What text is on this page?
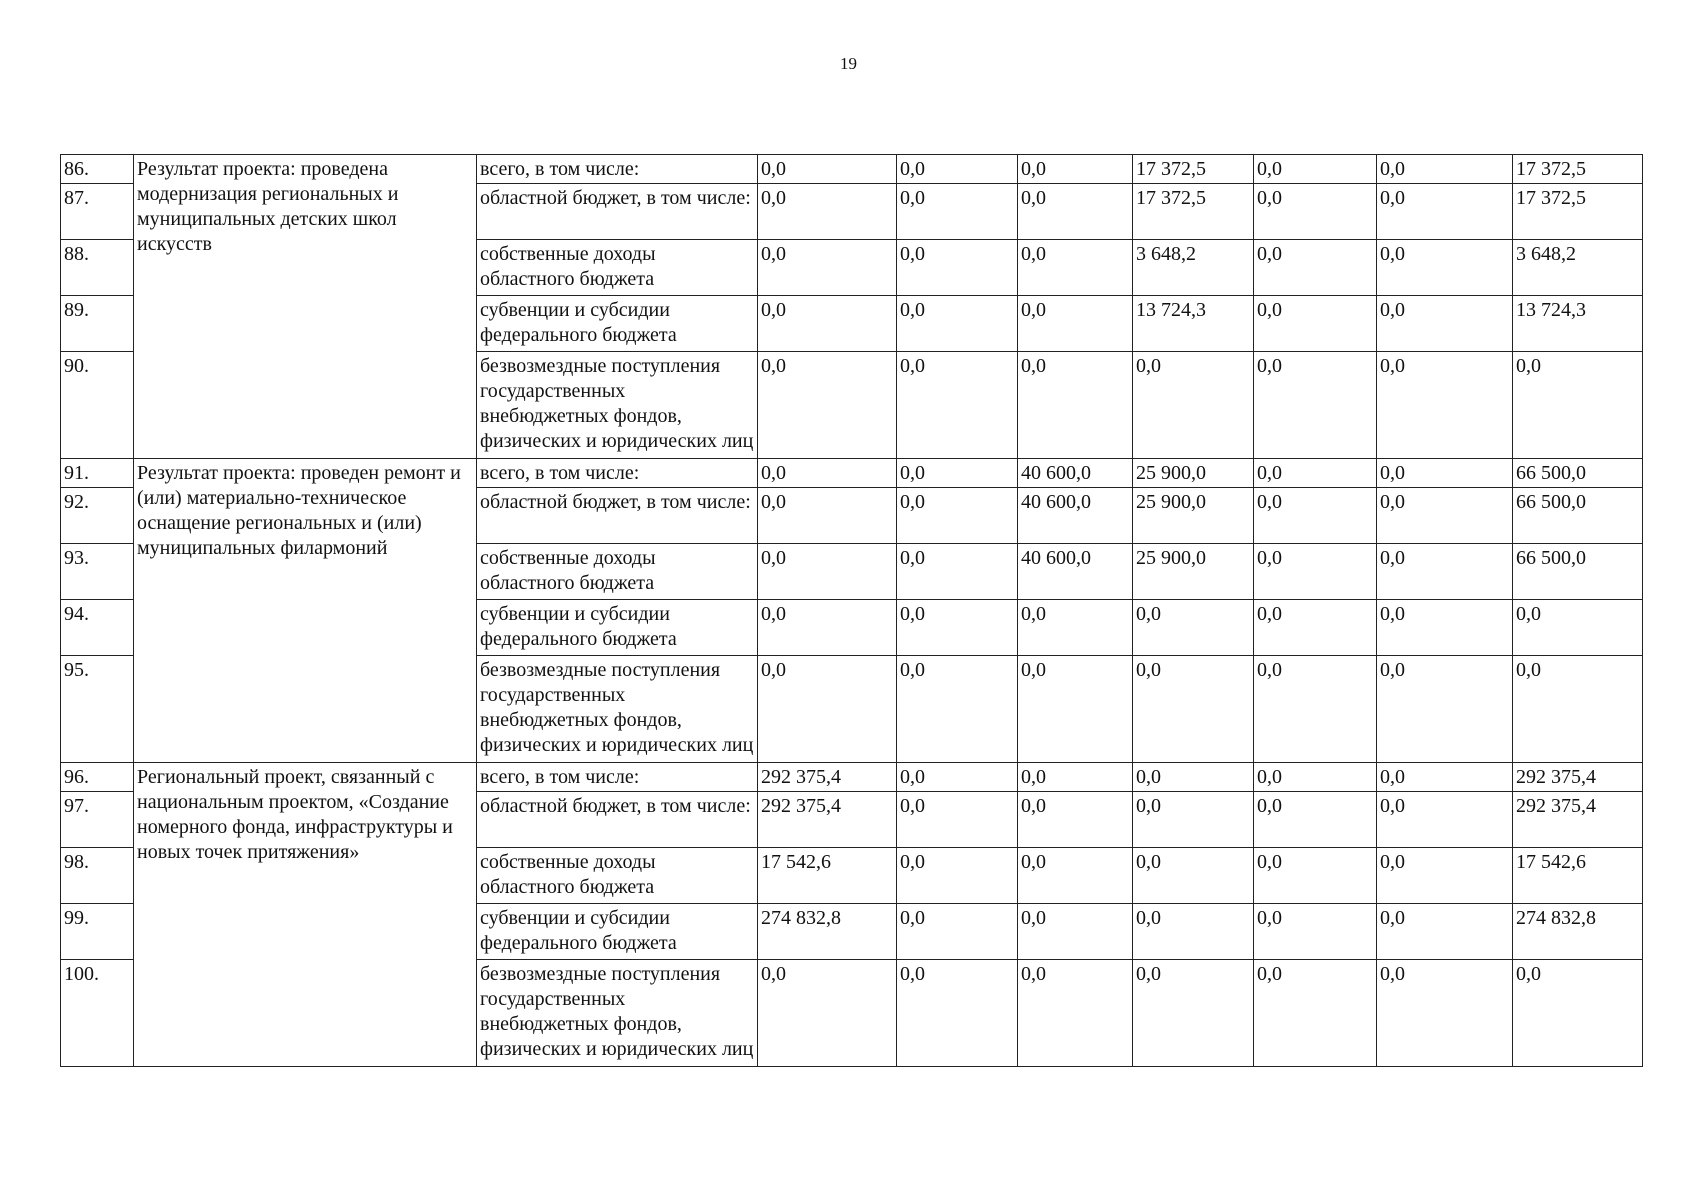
19
86.	Результат проекта: проведена модернизация региональных и муниципальных детских школ искусств	всего, в том числе:	0,0	0,0	0,0	17 372,5	0,0	0,0	17 372,5
87.		областной бюджет, в том числе:	0,0	0,0	0,0	17 372,5	0,0	0,0	17 372,5
88.		собственные доходы областного бюджета	0,0	0,0	0,0	3 648,2	0,0	0,0	3 648,2
89.		субвенции и субсидии федерального бюджета	0,0	0,0	0,0	13 724,3	0,0	0,0	13 724,3
90.		безвозмездные поступления государственных внебюджетных фондов, физических и юридических лиц	0,0	0,0	0,0	0,0	0,0	0,0	0,0
91.	Результат проекта: проведен ремонт и (или) материально-техническое оснащение региональных и (или) муниципальных филармоний	всего, в том числе:	0,0	0,0	40 600,0	25 900,0	0,0	0,0	66 500,0
92.		областной бюджет, в том числе:	0,0	0,0	40 600,0	25 900,0	0,0	0,0	66 500,0
93.		собственные доходы областного бюджета	0,0	0,0	40 600,0	25 900,0	0,0	0,0	66 500,0
94.		субвенции и субсидии федерального бюджета	0,0	0,0	0,0	0,0	0,0	0,0	0,0
95.		безвозмездные поступления государственных внебюджетных фондов, физических и юридических лиц	0,0	0,0	0,0	0,0	0,0	0,0	0,0
96.	Региональный проект, связанный с национальным проектом, «Создание номерного фонда, инфраструктуры и новых точек притяжения»	всего, в том числе:	292 375,4	0,0	0,0	0,0	0,0	0,0	292 375,4
97.		областной бюджет, в том числе:	292 375,4	0,0	0,0	0,0	0,0	0,0	292 375,4
98.		собственные доходы областного бюджета	17 542,6	0,0	0,0	0,0	0,0	0,0	17 542,6
99.		субвенции и субсидии федерального бюджета	274 832,8	0,0	0,0	0,0	0,0	0,0	274 832,8
100.		безвозмездные поступления государственных внебюджетных фондов, физических и юридических лиц	0,0	0,0	0,0	0,0	0,0	0,0	0,0
